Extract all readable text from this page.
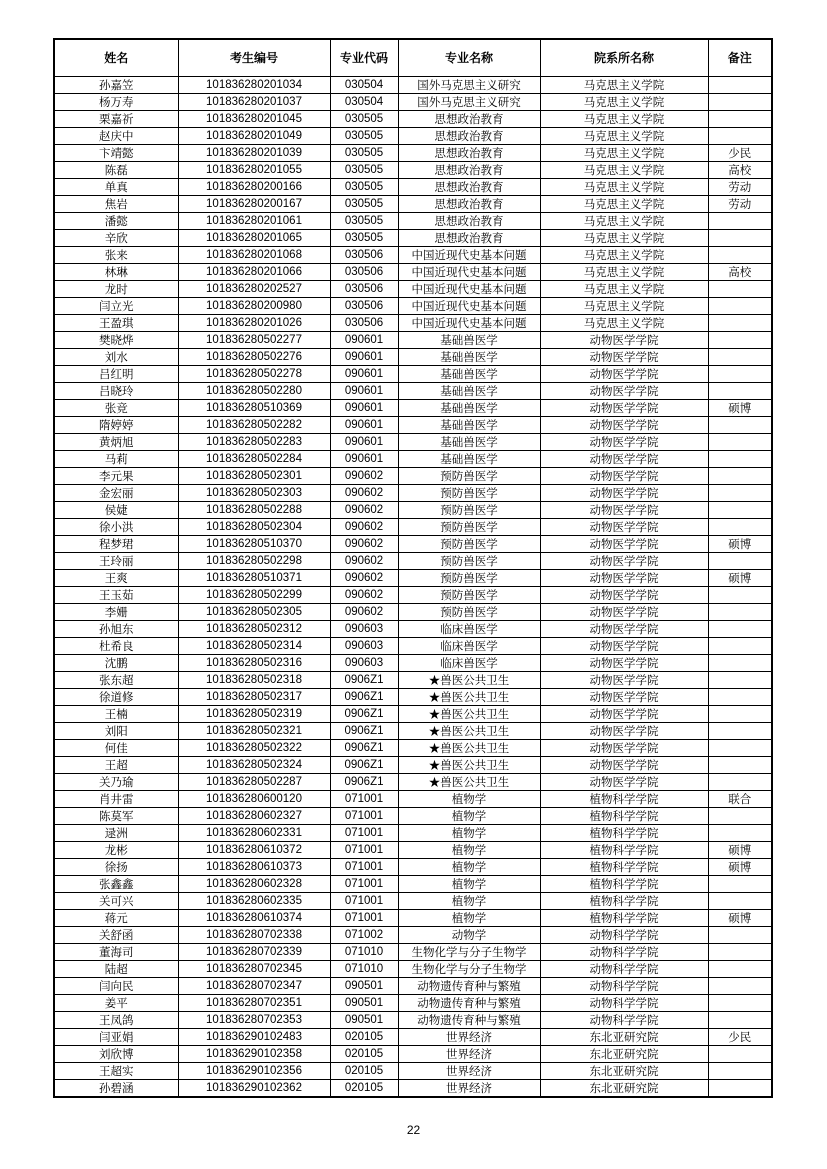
姓名	考生编号	专业代码	专业名称	院系所名称	备注
孙嘉笠	101836280201034	030504	国外马克思主义研究	马克思主义学院	
杨万寿	101836280201037	030504	国外马克思主义研究	马克思主义学院	
栗嘉祈	101836280201045	030505	思想政治教育	马克思主义学院	
赵庆中	101836280201049	030505	思想政治教育	马克思主义学院	
卞靖懿	101836280201039	030505	思想政治教育	马克思主义学院	少民
陈磊	101836280201055	030505	思想政治教育	马克思主义学院	高校
单真	101836280200166	030505	思想政治教育	马克思主义学院	劳动
焦岩	101836280200167	030505	思想政治教育	马克思主义学院	劳动
潘懿	101836280201061	030505	思想政治教育	马克思主义学院	
辛欣	101836280201065	030505	思想政治教育	马克思主义学院	
张来	101836280201068	030506	中国近现代史基本问题	马克思主义学院	
林琳	101836280201066	030506	中国近现代史基本问题	马克思主义学院	高校
龙时	101836280202527	030506	中国近现代史基本问题	马克思主义学院	
闫立光	101836280200980	030506	中国近现代史基本问题	马克思主义学院	
王盈琪	101836280201026	030506	中国近现代史基本问题	马克思主义学院	
樊晓烨	101836280502277	090601	基础兽医学	动物医学学院	
刘水	101836280502276	090601	基础兽医学	动物医学学院	
吕红明	101836280502278	090601	基础兽医学	动物医学学院	
吕晓玲	101836280502280	090601	基础兽医学	动物医学学院	
张竞	101836280510369	090601	基础兽医学	动物医学学院	硕博
隋婷婷	101836280502282	090601	基础兽医学	动物医学学院	
黄炳旭	101836280502283	090601	基础兽医学	动物医学学院	
马莉	101836280502284	090601	基础兽医学	动物医学学院	
李元果	101836280502301	090602	预防兽医学	动物医学学院	
金宏丽	101836280502303	090602	预防兽医学	动物医学学院	
侯婕	101836280502288	090602	预防兽医学	动物医学学院	
徐小洪	101836280502304	090602	预防兽医学	动物医学学院	
程梦珺	101836280510370	090602	预防兽医学	动物医学学院	硕博
王玲丽	101836280502298	090602	预防兽医学	动物医学学院	
王爽	101836280510371	090602	预防兽医学	动物医学学院	硕博
王玉茹	101836280502299	090602	预防兽医学	动物医学学院	
李姗	101836280502305	090602	预防兽医学	动物医学学院	
孙旭东	101836280502312	090603	临床兽医学	动物医学学院	
杜希良	101836280502314	090603	临床兽医学	动物医学学院	
沈鹏	101836280502316	090603	临床兽医学	动物医学学院	
张东超	101836280502318	0906Z1	★兽医公共卫生	动物医学学院	
徐道修	101836280502317	0906Z1	★兽医公共卫生	动物医学学院	
王楠	101836280502319	0906Z1	★兽医公共卫生	动物医学学院	
刘阳	101836280502321	0906Z1	★兽医公共卫生	动物医学学院	
何佳	101836280502322	0906Z1	★兽医公共卫生	动物医学学院	
王超	101836280502324	0906Z1	★兽医公共卫生	动物医学学院	
关乃瑜	101836280502287	0906Z1	★兽医公共卫生	动物医学学院	
肖井雷	101836280600120	071001	植物学	植物科学学院	联合
陈莫军	101836280602327	071001	植物学	植物科学学院	
逯洲	101836280602331	071001	植物学	植物科学学院	
龙彬	101836280610372	071001	植物学	植物科学学院	硕博
徐扬	101836280610373	071001	植物学	植物科学学院	硕博
张鑫鑫	101836280602328	071001	植物学	植物科学学院	
关可兴	101836280602335	071001	植物学	植物科学学院	
蒋元	101836280610374	071001	植物学	植物科学学院	硕博
关舒函	101836280702338	071002	动物学	动物科学学院	
董海司	101836280702339	071010	生物化学与分子生物学	动物科学学院	
陆超	101836280702345	071010	生物化学与分子生物学	动物科学学院	
闫向民	101836280702347	090501	动物遗传育种与繁殖	动物科学学院	
姜平	101836280702351	090501	动物遗传育种与繁殖	动物科学学院	
王凤鸽	101836280702353	090501	动物遗传育种与繁殖	动物科学学院	
闫亚娟	101836290102483	020105	世界经济	东北亚研究院	少民
刘欣博	101836290102358	020105	世界经济	东北亚研究院	
王超实	101836290102356	020105	世界经济	东北亚研究院	
孙碧涵	101836290102362	020105	世界经济	东北亚研究院	
22
